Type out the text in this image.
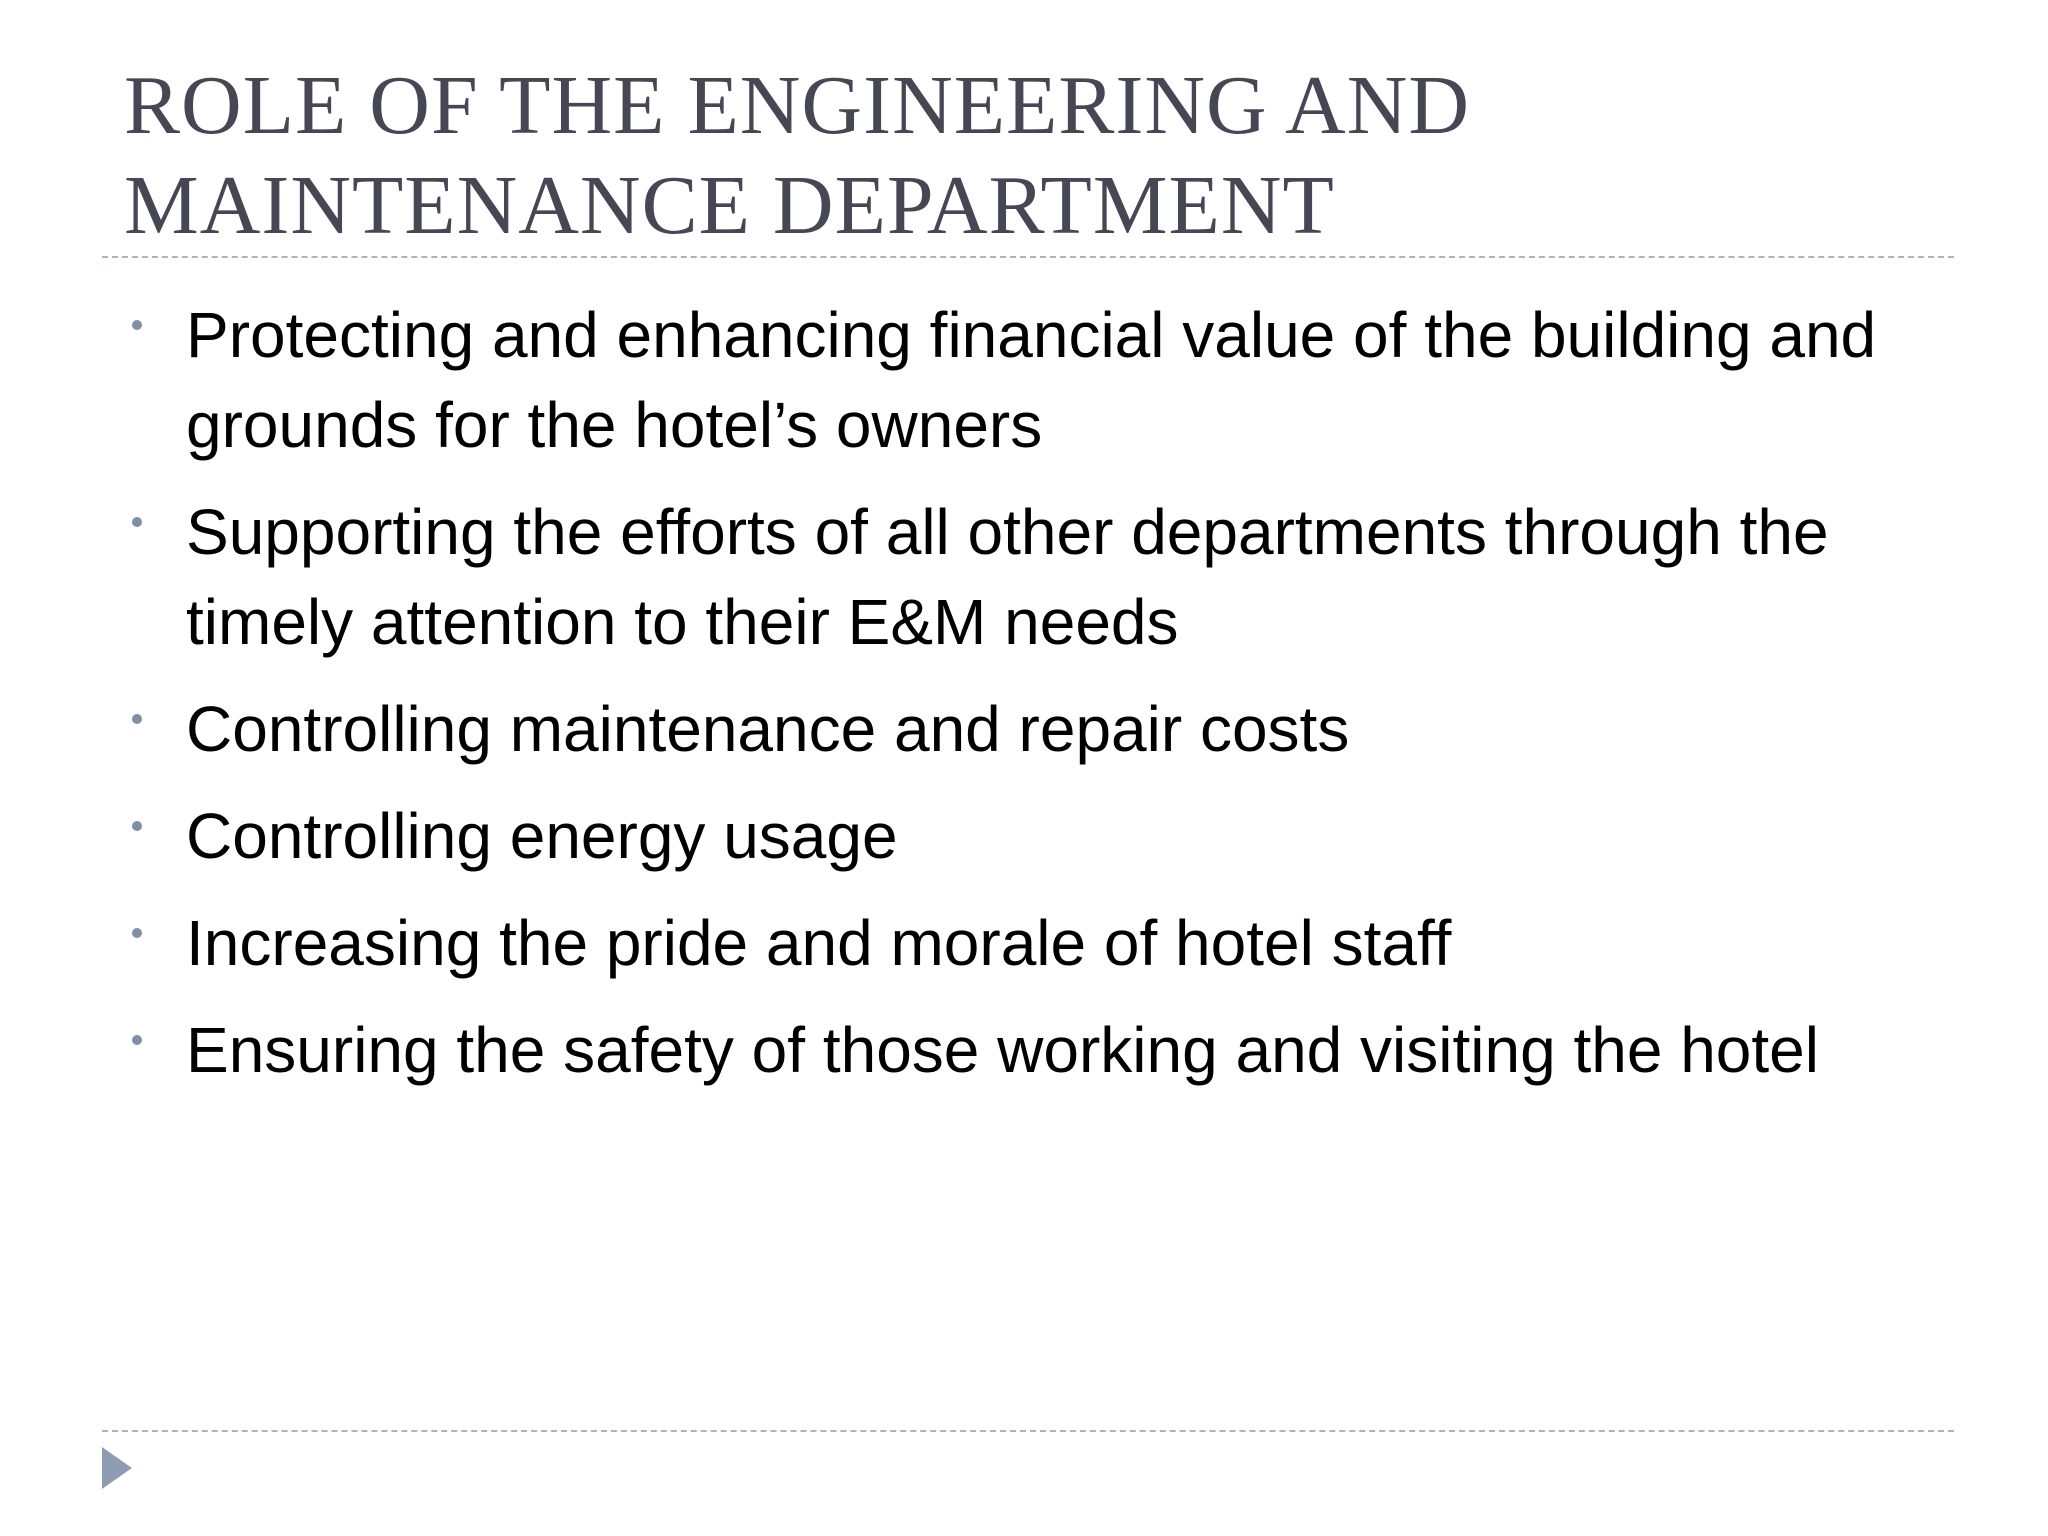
ROLE OF THE ENGINEERING AND
MAINTENANCE DEPARTMENT
Protecting and enhancing financial value of the building and grounds for the hotel’s owners
Supporting the efforts of all other departments through the timely attention to their E&M needs
Controlling maintenance and repair costs
Controlling energy usage
Increasing the pride and morale of hotel staff
Ensuring the safety of those working and visiting the hotel
